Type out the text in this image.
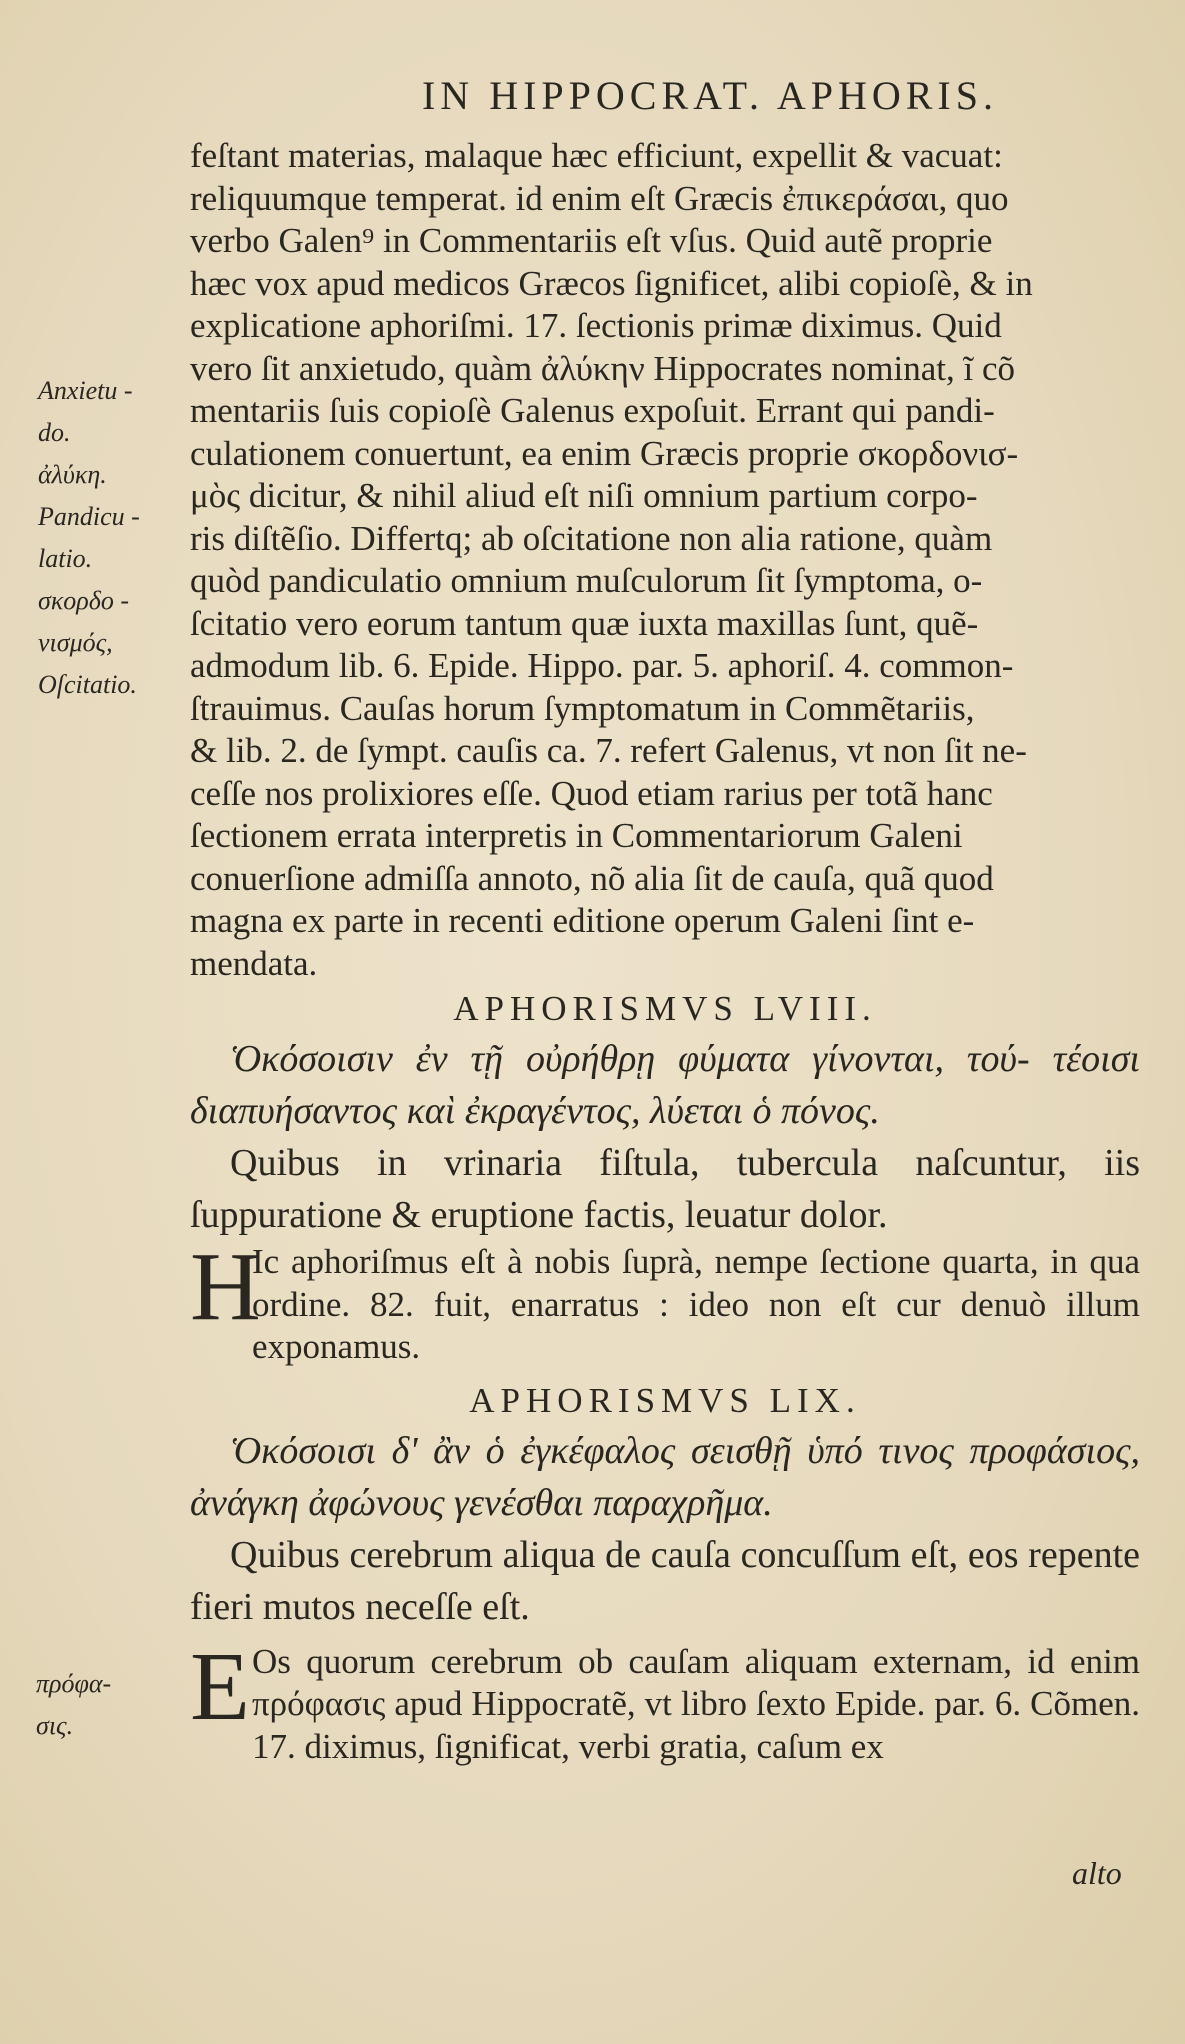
IN HIPPOCRAT. APHORIS.
Anxietu -
do.
ἀλύκη.
Pandicu -
latio.
σκορδο -
νισμός,
Oſcitatio.

feſtant materias, malaque hæc efficiunt, expellit & vacuat:

reliquumque temperat. id enim eſt Græcis ἐπικεράσαι, quo

verbo Galen⁹ in Commentariis eſt vſus. Quid autẽ proprie

hæc vox apud medicos Græcos ſignificet, alibi copioſè, & in

explicatione aphoriſmi. 17. ſectionis primæ diximus. Quid

vero ſit anxietudo, quàm ἀλύκην Hippocrates nominat, ĩ cõ

mentariis ſuis copioſè Galenus expoſuit. Errant qui pandi-

culationem conuertunt, ea enim Græcis proprie σκορδονισ-

μὸς dicitur, & nihil aliud eſt niſi omnium partium corpo-

ris diſtẽſio. Differtq; ab oſcitatione non alia ratione, quàm

quòd pandiculatio omnium muſculorum ſit ſymptoma, o-

ſcitatio vero eorum tantum quæ iuxta maxillas ſunt, quẽ-

admodum lib. 6. Epide. Hippo. par. 5. aphoriſ. 4. common-

ſtrauimus. Cauſas horum ſymptomatum in Commẽtariis,

& lib. 2. de ſympt. cauſis ca. 7. refert Galenus, vt non ſit ne-

ceſſe nos prolixiores eſſe. Quod etiam rarius per totã hanc

ſectionem errata interpretis in Commentariorum Galeni

conuerſione admiſſa annoto, nõ alia ſit de cauſa, quã quod

magna ex parte in recenti editione operum Galeni ſint e-

mendata.

APHORISMVS LVIII.

Ὁκόσοισιν ἐν τῇ οὐρήθρῃ φύματα γίνονται, τού- τέοισι διαπυήσαντος καὶ ἐκραγέντος, λύεται ὁ πόνος.

Quibus in vrinaria fiſtula, tubercula naſcuntur, iis ſuppuratione & eruptione factis, leuatur dolor.

H
Ic aphoriſmus eſt à nobis ſuprà, nempe ſectione quarta, in qua ordine. 82. fuit, enarratus : ideo non eſt cur denuò illum exponamus.

APHORISMVS LIX.

Ὁκόσοισι δ' ἂν ὁ ἐγκέφαλος σεισθῇ ὑπό τινος προφάσιος, ἀνάγκη ἀφώνους γενέσθαι παραχρῆμα.

Quibus cerebrum aliqua de cauſa concuſſum eſt, eos repente fieri mutos neceſſe eſt.

E Os quorum cerebrum ob cauſam aliquam externam, id enim πρόφασις apud Hippocratẽ, vt libro ſexto Epide. par. 6. Cõmen. 17. diximus, ſignificat, verbi gratia, caſum ex

πρόφα-
σις.
alto
